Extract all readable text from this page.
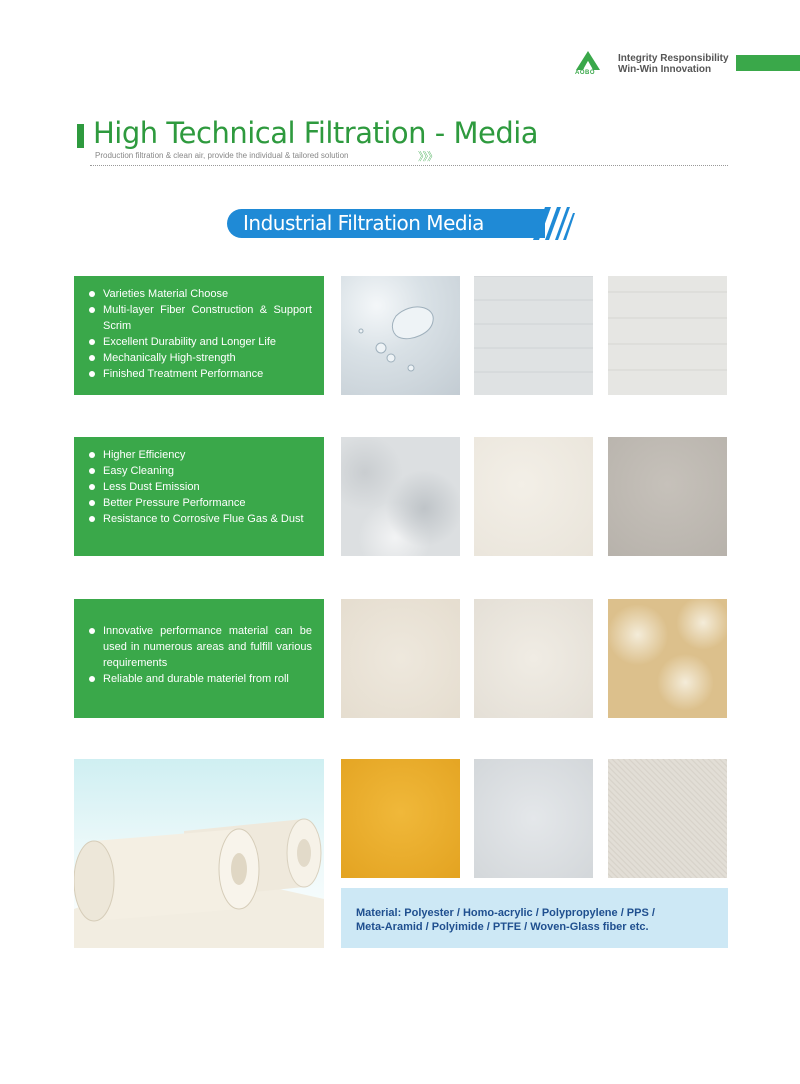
AOBO
Integrity Responsibility
Win-Win Innovation
High Technical Filtration - Media
Production filtration & clean air, provide the individual & tailored solution	》》》
Industrial Filtration Media
Varieties Material Choose
Multi-layer Fiber Construction & Support Scrim
Excellent Durability and Longer Life
Mechanically High-strength
Finished Treatment Performance
Higher Efficiency
Easy Cleaning
Less Dust Emission
Better Pressure Performance
Resistance to Corrosive Flue Gas & Dust
Innovative performance material can be used in numerous areas and fulfill various requirements
Reliable and durable materiel from roll
Material: Polyester / Homo-acrylic / Polypropylene / PPS /
Meta-Aramid / Polyimide / PTFE / Woven-Glass fiber etc.
